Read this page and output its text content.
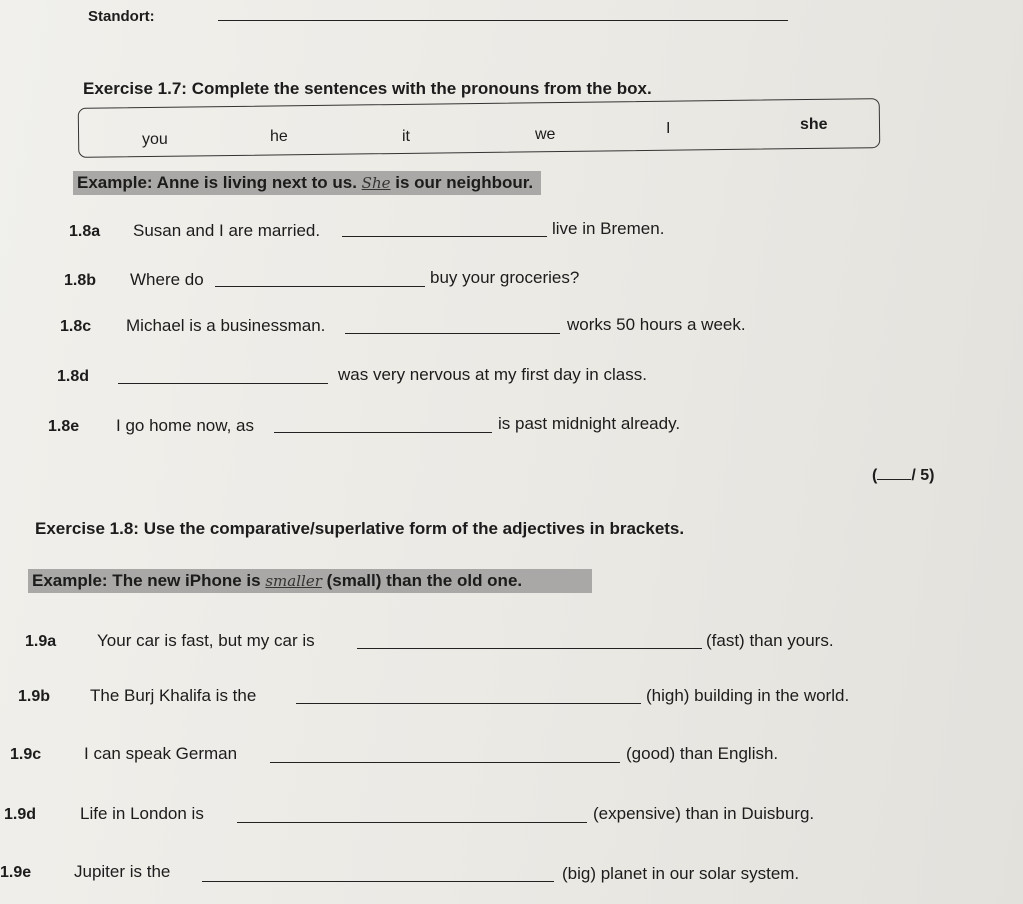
Standort:
Exercise 1.7: Complete the sentences with the pronouns from the box.
you	he	it	we	I	she
Example: Anne is living next to us. She is our neighbour.
1.8a Susan and I are married.	live in Bremen.
1.8b Where do	buy your groceries?
1.8c Michael is a businessman.	works 50 hours a week.
1.8d	was very nervous at my first day in class.
1.8e I go home now, as	is past midnight already.
( / 5)
Exercise 1.8: Use the comparative/superlative form of the adjectives in brackets.
Example: The new iPhone is smaller (small) than the old one.
1.9a Your car is fast, but my car is	(fast) than yours.
1.9b The Burj Khalifa is the	(high) building in the world.
1.9c	I can speak German	(good) than English.
1.9d	Life in London is	(expensive) than in Duisburg.
1.9e	Jupiter is the	(big) planet in our solar system.
